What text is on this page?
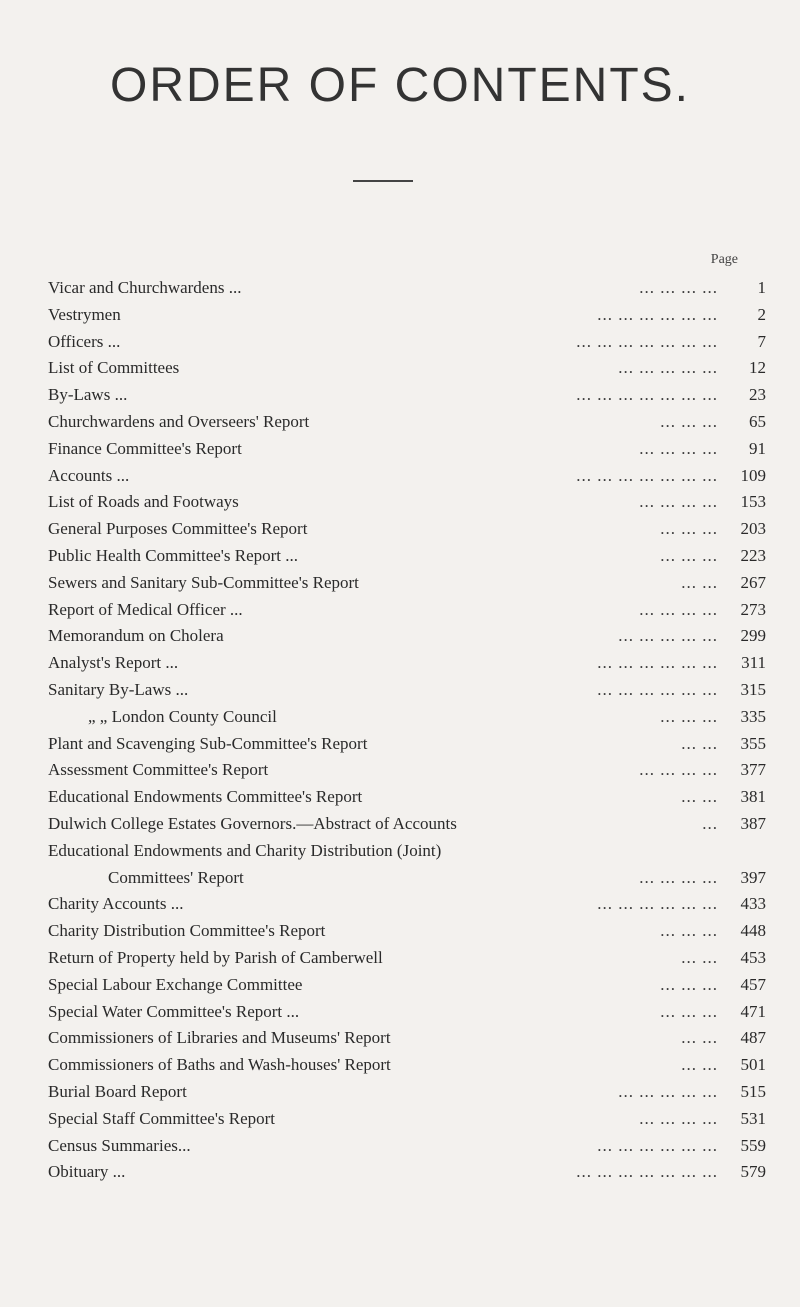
ORDER OF CONTENTS.
Page
Vicar and Churchwardens ...	... ... ... ...	1
Vestrymen	... ... ... ... ... ...	2
Officers ...	... ... ... ... ... ... ...	7
List of Committees	... ... ... ... ...	12
By-Laws ...	... ... ... ... ... ... ...	23
Churchwardens and Overseers' Report	... ... ...	65
Finance Committee's Report	... ... ... ...	91
Accounts ...	... ... ... ... ... ... ...	109
List of Roads and Footways	... ... ... ...	153
General Purposes Committee's Report	... ... ...	203
Public Health Committee's Report ...	... ... ...	223
Sewers and Sanitary Sub-Committee's Report	... ...	267
Report of Medical Officer ...	... ... ... ...	273
Memorandum on Cholera	... ... ... ... ...	299
Analyst's Report ...	... ... ... ... ... ...	311
Sanitary By-Laws ...	... ... ... ... ... ...	315
„ „ London County Council	... ... ...	335
Plant and Scavenging Sub-Committee's Report	... ...	355
Assessment Committee's Report	... ... ... ...	377
Educational Endowments Committee's Report	... ...	381
Dulwich College Estates Governors.—Abstract of Accounts	...	387
Educational Endowments and Charity Distribution (Joint)
Committees' Report	... ... ... ...	397
Charity Accounts ...	... ... ... ... ... ...	433
Charity Distribution Committee's Report	... ... ...	448
Return of Property held by Parish of Camberwell	... ...	453
Special Labour Exchange Committee	... ... ...	457
Special Water Committee's Report ...	... ... ...	471
Commissioners of Libraries and Museums' Report	... ...	487
Commissioners of Baths and Wash-houses' Report	... ...	501
Burial Board Report	... ... ... ... ...	515
Special Staff Committee's Report	... ... ... ...	531
Census Summaries...	... ... ... ... ... ...	559
Obituary ...	... ... ... ... ... ... ...	579
